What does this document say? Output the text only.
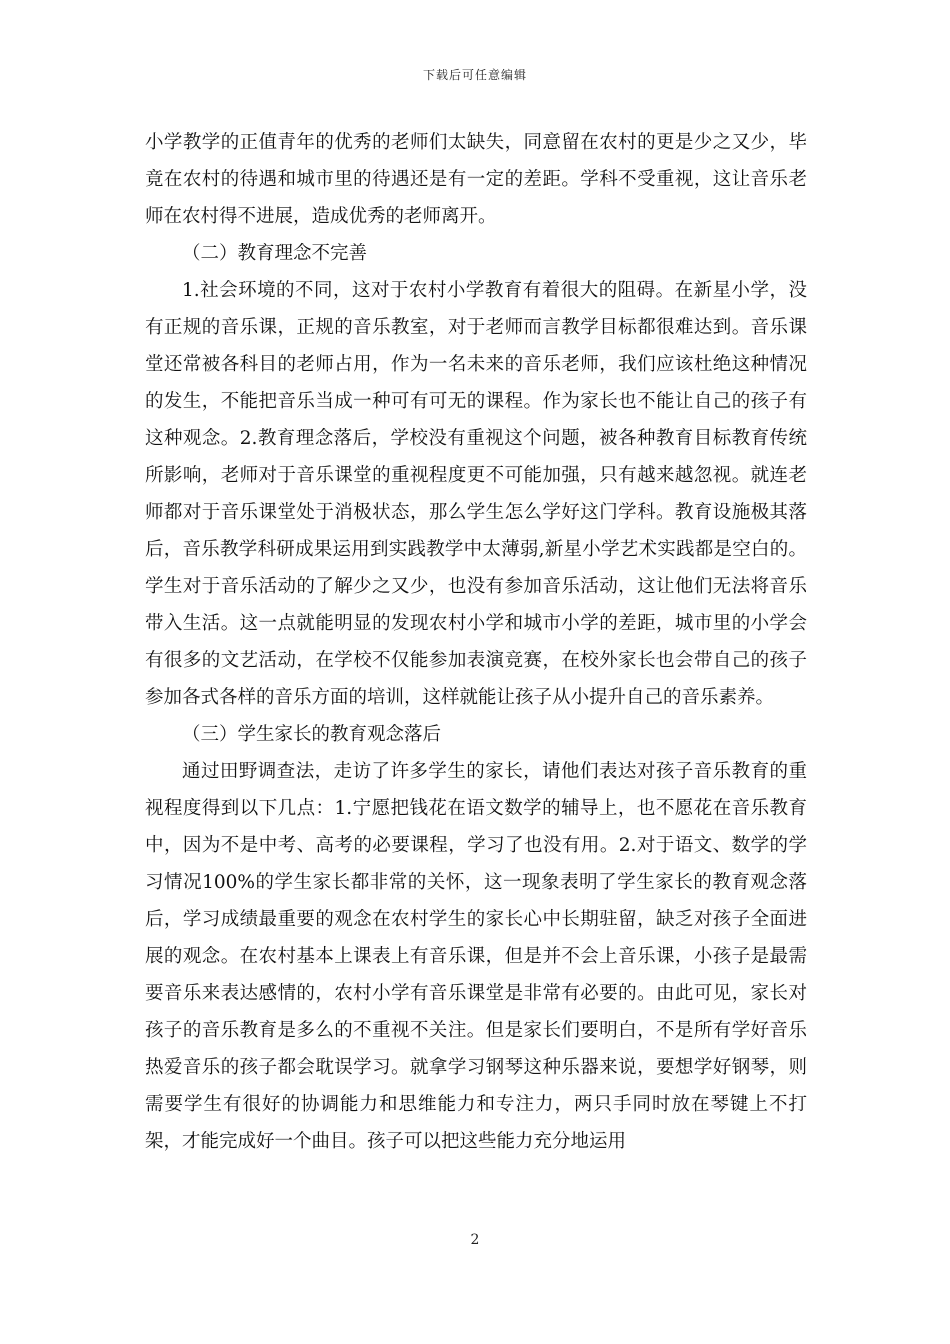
下载后可任意编辑

小学教学的正值青年的优秀的老师们太缺失，同意留在农村的更是少之又少，毕竟在农村的待遇和城市里的待遇还是有一定的差距。学科不受重视，这让音乐老师在农村得不进展，造成优秀的老师离开。

（二）教育理念不完善

1.社会环境的不同，这对于农村小学教育有着很大的阻碍。在新星小学，没有正规的音乐课，正规的音乐教室，对于老师而言教学目标都很难达到。音乐课堂还常被各科目的老师占用，作为一名未来的音乐老师，我们应该杜绝这种情况的发生，不能把音乐当成一种可有可无的课程。作为家长也不能让自己的孩子有这种观念。2.教育理念落后，学校没有重视这个问题，被各种教育目标教育传统所影响，老师对于音乐课堂的重视程度更不可能加强，只有越来越忽视。就连老师都对于音乐课堂处于消极状态，那么学生怎么学好这门学科。教育设施极其落后，音乐教学科研成果运用到实践教学中太薄弱,新星小学艺术实践都是空白的。学生对于音乐活动的了解少之又少，也没有参加音乐活动，这让他们无法将音乐带入生活。这一点就能明显的发现农村小学和城市小学的差距，城市里的小学会有很多的文艺活动，在学校不仅能参加表演竞赛，在校外家长也会带自己的孩子参加各式各样的音乐方面的培训，这样就能让孩子从小提升自己的音乐素养。

（三）学生家长的教育观念落后

通过田野调查法，走访了许多学生的家长，请他们表达对孩子音乐教育的重视程度得到以下几点：1.宁愿把钱花在语文数学的辅导上，也不愿花在音乐教育中，因为不是中考、高考的必要课程，学习了也没有用。2.对于语文、数学的学习情况100%的学生家长都非常的关怀，这一现象表明了学生家长的教育观念落后，学习成绩最重要的观念在农村学生的家长心中长期驻留，缺乏对孩子全面进展的观念。在农村基本上课表上有音乐课，但是并不会上音乐课，小孩子是最需要音乐来表达感情的，农村小学有音乐课堂是非常有必要的。由此可见，家长对孩子的音乐教育是多么的不重视不关注。但是家长们要明白，不是所有学好音乐热爱音乐的孩子都会耽误学习。就拿学习钢琴这种乐器来说，要想学好钢琴，则需要学生有很好的协调能力和思维能力和专注力，两只手同时放在琴键上不打架，才能完成好一个曲目。孩子可以把这些能力充分地运用

2
